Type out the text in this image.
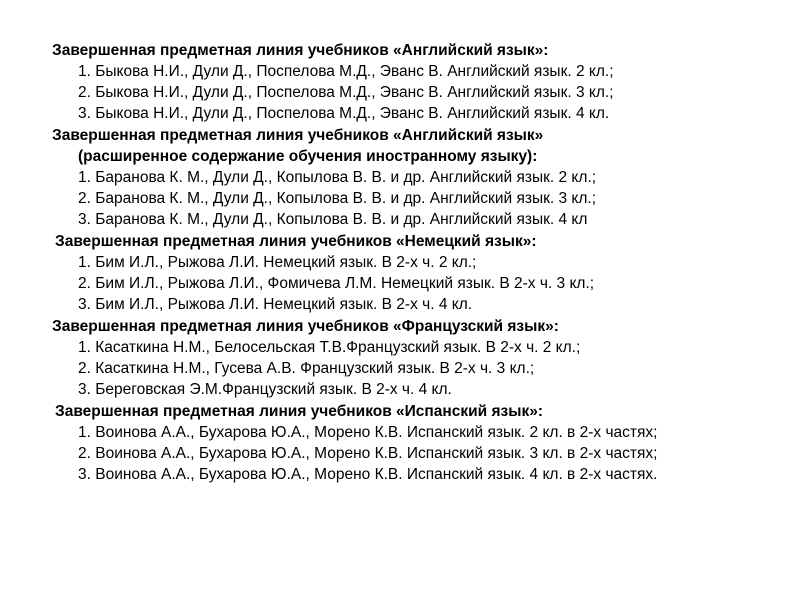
Завершенная предметная линия учебников «Английский язык»:
1. Быкова Н.И., Дули Д., Поспелова М.Д., Эванс В. Английский язык. 2 кл.;
2. Быкова Н.И., Дули Д., Поспелова М.Д., Эванс В. Английский язык. 3 кл.;
3. Быкова Н.И., Дули Д., Поспелова М.Д., Эванс В. Английский язык. 4 кл.
Завершенная предметная линия учебников «Английский язык»
(расширенное содержание обучения иностранному языку):
1. Баранова К. М., Дули Д., Копылова В. В. и др. Английский язык. 2 кл.;
2. Баранова К. М., Дули Д., Копылова В. В. и др. Английский язык. 3 кл.;
3. Баранова К. М., Дули Д., Копылова В. В. и др. Английский язык. 4 кл
Завершенная предметная линия учебников «Немецкий язык»:
1. Бим И.Л., Рыжова Л.И. Немецкий язык. В 2-х ч. 2 кл.;
2. Бим И.Л., Рыжова Л.И., Фомичева Л.М. Немецкий язык. В 2-х ч. 3 кл.;
3. Бим И.Л., Рыжова Л.И. Немецкий язык. В 2-х ч. 4 кл.
Завершенная предметная линия учебников «Французский язык»:
1. Касаткина Н.М., Белосельская Т.В.Французский язык. В 2-х ч. 2 кл.;
2. Касаткина Н.М., Гусева А.В. Французский язык. В 2-х ч. 3 кл.;
3. Береговская Э.М.Французский язык. В 2-х ч. 4 кл.
Завершенная предметная линия учебников «Испанский язык»:
1. Воинова А.А., Бухарова Ю.А., Морено К.В. Испанский язык. 2 кл. в 2-х частях;
2. Воинова А.А., Бухарова Ю.А., Морено К.В. Испанский язык. 3 кл. в 2-х частях;
3. Воинова А.А., Бухарова Ю.А., Морено К.В. Испанский язык. 4 кл. в 2-х частях.
